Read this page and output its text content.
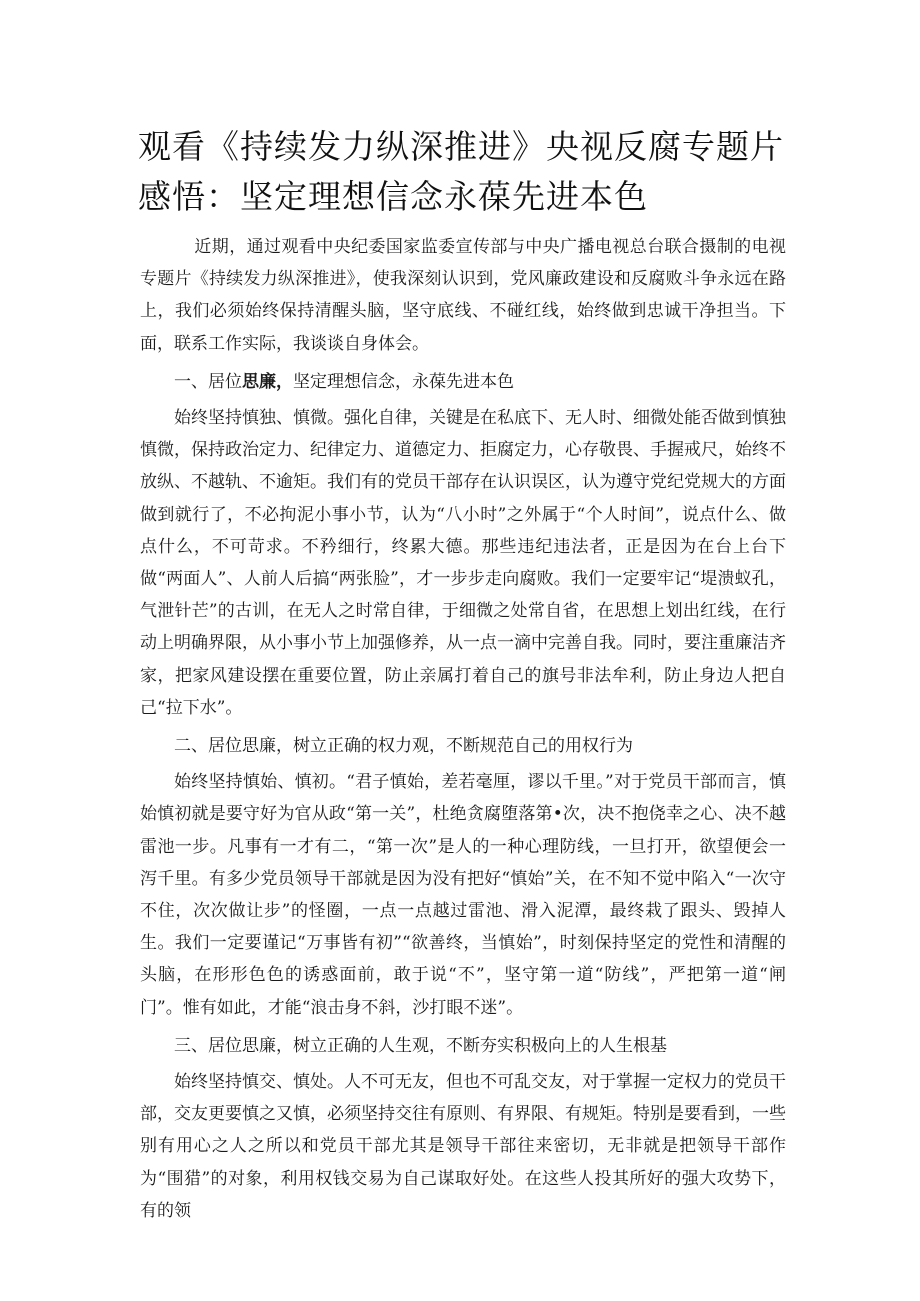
观看《持续发力纵深推进》央视反腐专题片感悟：坚定理想信念永葆先进本色

近期，通过观看中央纪委国家监委宣传部与中央广播电视总台联合摄制的电视专题片《持续发力纵深推进》，使我深刻认识到，党风廉政建设和反腐败斗争永远在路上，我们必须始终保持清醒头脑，坚守底线、不碰红线，始终做到忠诚干净担当。下面，联系工作实际，我谈谈自身体会。

一、居位思廉，坚定理想信念，永葆先进本色

始终坚持慎独、慎微。强化自律，关键是在私底下、无人时、细微处能否做到慎独慎微，保持政治定力、纪律定力、道德定力、拒腐定力，心存敬畏、手握戒尺，始终不放纵、不越轨、不逾矩。我们有的党员干部存在认识误区，认为遵守党纪党规大的方面做到就行了，不必拘泥小事小节，认为“八小时”之外属于“个人时间”，说点什么、做点什么，不可苛求。不矜细行，终累大德。那些违纪违法者，正是因为在台上台下做“两面人”、人前人后搞“两张脸”，才一步步走向腐败。我们一定要牢记“堤溃蚁孔，气泄针芒”的古训，在无人之时常自律，于细微之处常自省，在思想上划出红线，在行动上明确界限，从小事小节上加强修养，从一点一滴中完善自我。同时，要注重廉洁齐家，把家风建设摆在重要位置，防止亲属打着自己的旗号非法牟利，防止身边人把自己“拉下水”。

二、居位思廉，树立正确的权力观，不断规范自己的用权行为

始终坚持慎始、慎初。“君子慎始，差若毫厘，谬以千里。”对于党员干部而言，慎始慎初就是要守好为官从政“第一关”，杜绝贪腐堕落第•次，决不抱侥幸之心、决不越雷池一步。凡事有一才有二，“第一次”是人的一种心理防线，一旦打开，欲望便会一泻千里。有多少党员领导干部就是因为没有把好“慎始”关，在不知不觉中陷入“一次守不住，次次做让步”的怪圈，一点一点越过雷池、滑入泥潭，最终栽了跟头、毁掉人生。我们一定要谨记“万事皆有初”“欲善终，当慎始”，时刻保持坚定的党性和清醒的头脑，在形形色色的诱惑面前，敢于说“不”，坚守第一道“防线”，严把第一道“闸门”。惟有如此，才能“浪击身不斜，沙打眼不迷”。

三、居位思廉，树立正确的人生观，不断夯实积极向上的人生根基

始终坚持慎交、慎处。人不可无友，但也不可乱交友，对于掌握一定权力的党员干部，交友更要慎之又慎，必须坚持交往有原则、有界限、有规矩。特别是要看到，一些别有用心之人之所以和党员干部尤其是领导干部往来密切，无非就是把领导干部作为“围猎”的对象，利用权钱交易为自己谋取好处。在这些人投其所好的强大攻势下，有的领
